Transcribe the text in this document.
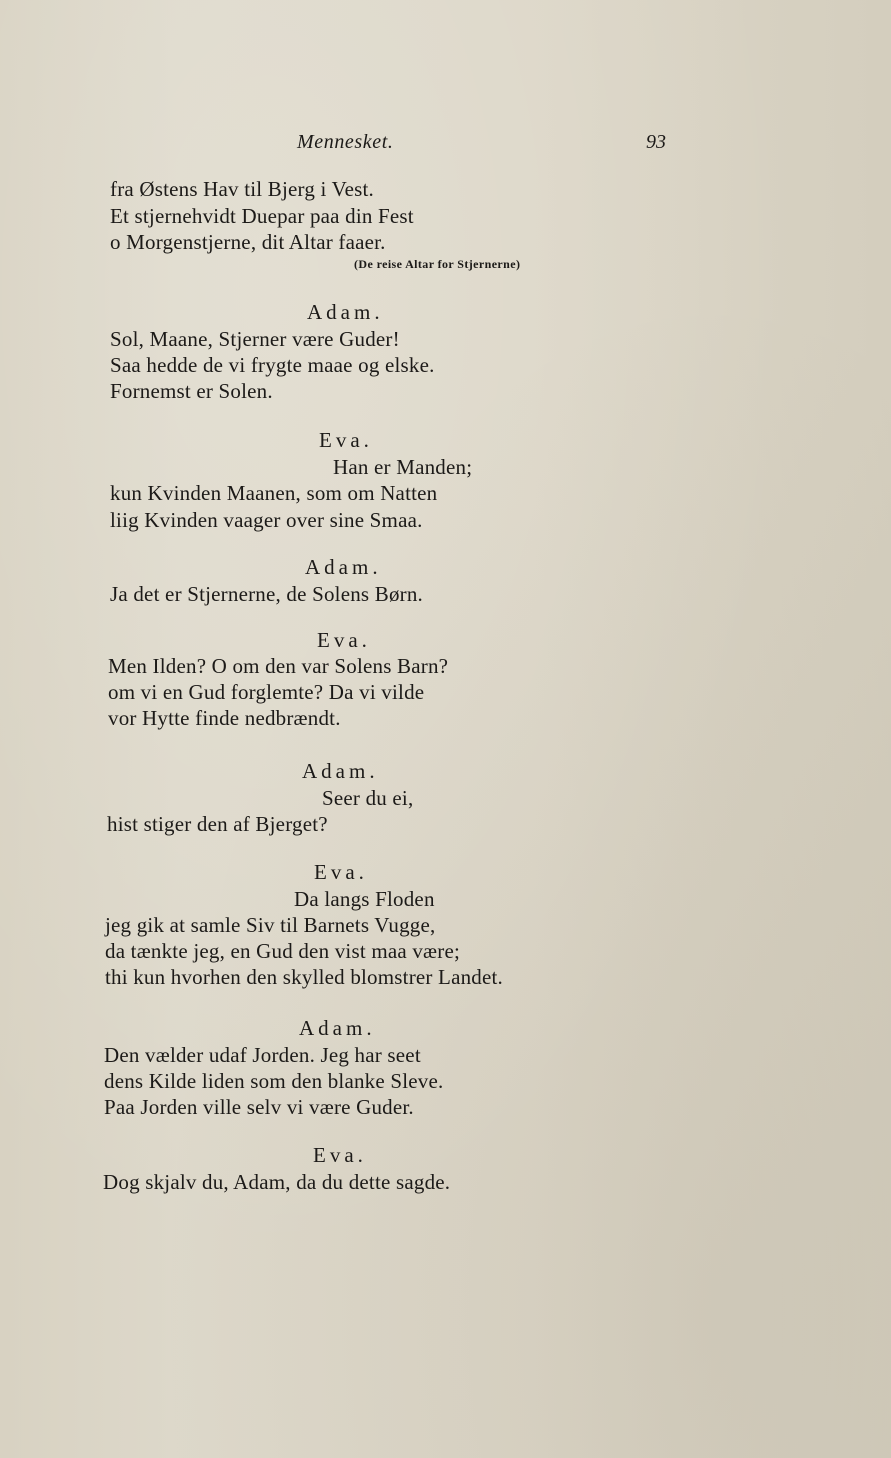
Mennesket.	93
fra Østens Hav til Bjerg i Vest.
Et stjernehvidt Duepar paa din Fest
o Morgenstjerne, dit Altar faaer.
(De reise Altar for Stjernerne)
Adam.
Sol, Maane, Stjerner være Guder!
Saa hedde de vi frygte maae og elske.
Fornemst er Solen.
Eva.
Han er Manden;
kun Kvinden Maanen, som om Natten
liig Kvinden vaager over sine Smaa.
Adam.
Ja det er Stjernerne, de Solens Børn.
Eva.
Men Ilden? O om den var Solens Barn?
om vi en Gud forglemte? Da vi vilde
vor Hytte finde nedbrændt.
Adam.
Seer du ei,
hist stiger den af Bjerget?
Eva.
Da langs Floden
jeg gik at samle Siv til Barnets Vugge,
da tænkte jeg, en Gud den vist maa være;
thi kun hvorhen den skylled blomstrer Landet.
Adam.
Den vælder udaf Jorden. Jeg har seet
dens Kilde liden som den blanke Sleve.
Paa Jorden ville selv vi være Guder.
Eva.
Dog skjalv du, Adam, da du dette sagde.
